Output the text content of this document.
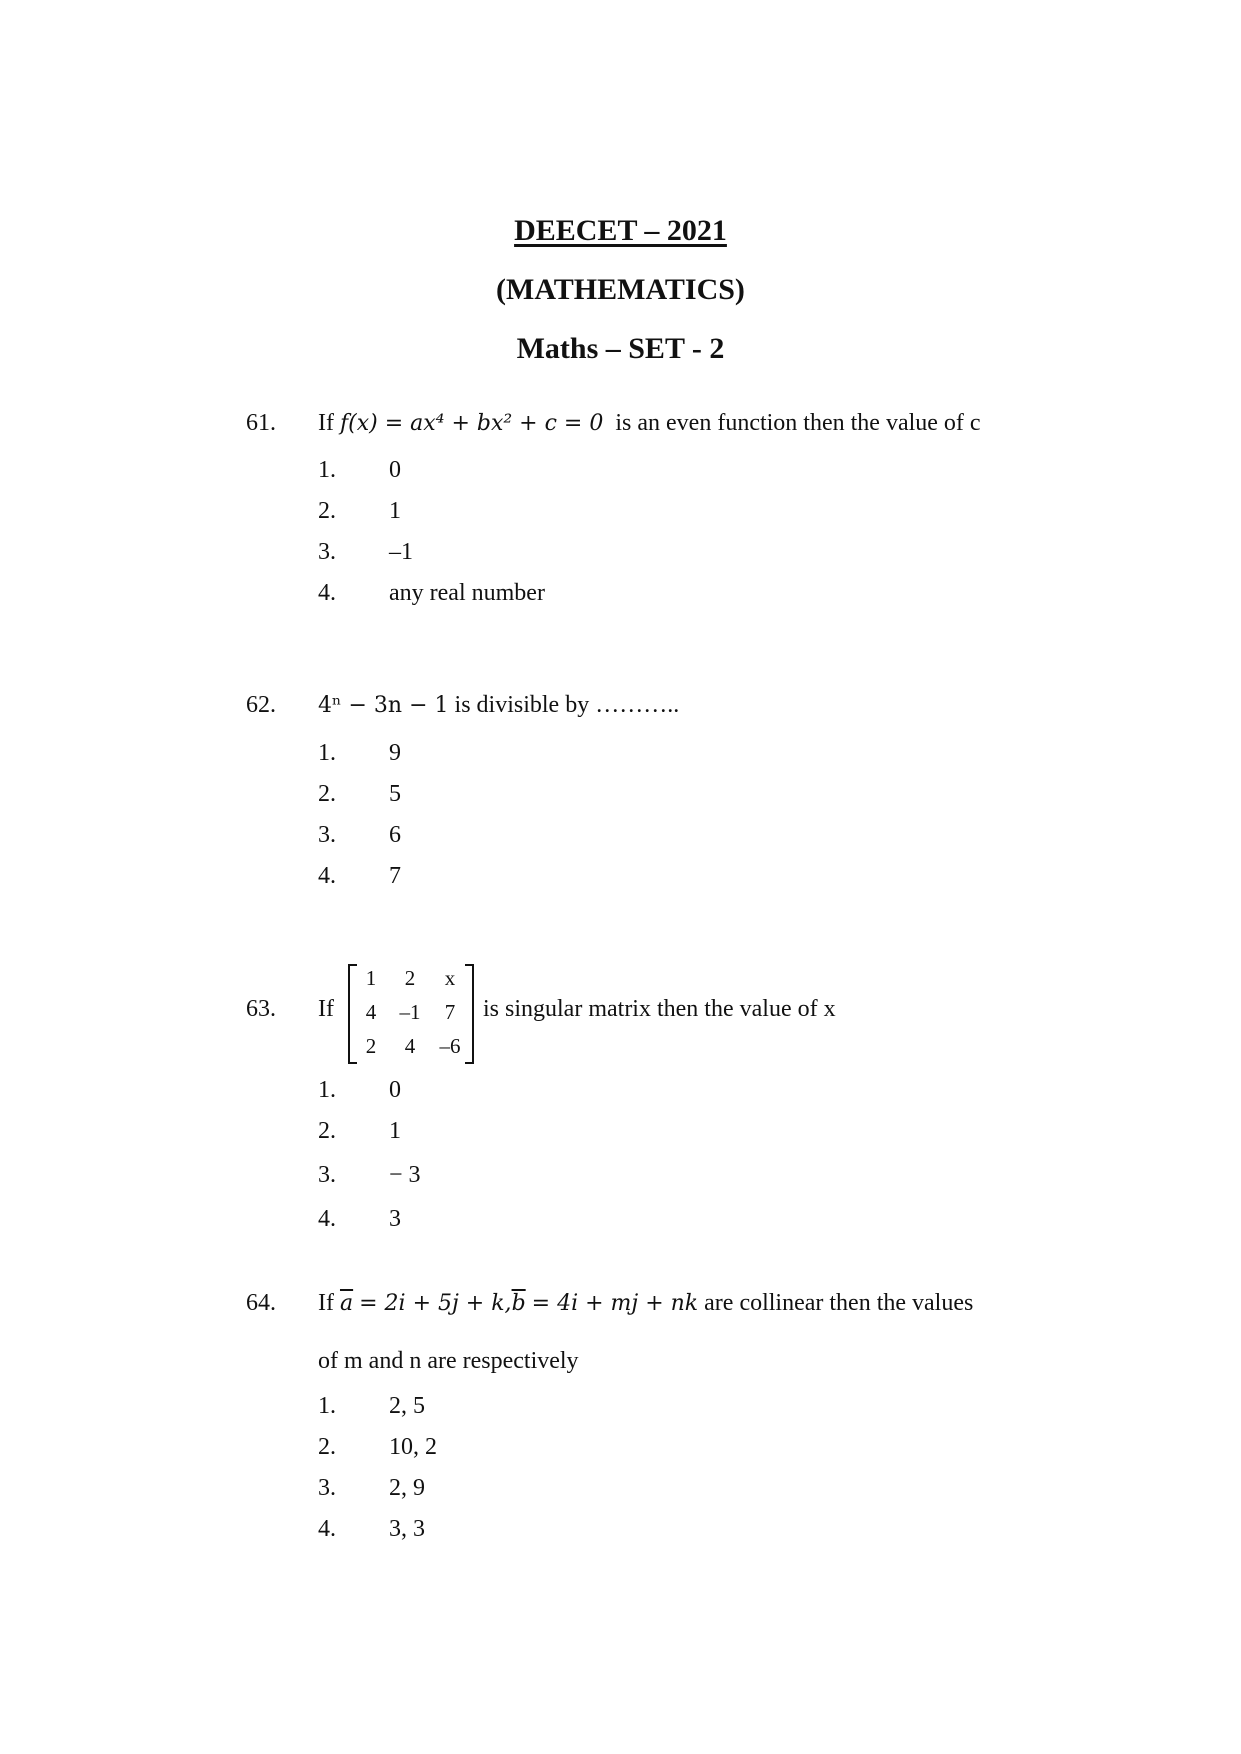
DEECET – 2021
(MATHEMATICS)
Maths – SET - 2
61. If f(x) = ax⁴ + bx² + c = 0 is an even function then the value of c
1. 0
2. 1
3. –1
4. any real number
62. 4ⁿ − 3n − 1 is divisible by ………..
1. 9
2. 5
3. 6
4. 7
63. If
1	2	x
4	–1	7
2	4	–6
is singular matrix then the value of x
1. 0
2. 1
3. − 3
4. 3
64. If $\overline{a} = 2i + 5j + k,\overline{b} = 4i$ + mj + nk are collinear then the values
of m and n are respectively
1. 2, 5
2. 10, 2
3. 2, 9
4. 3, 3
